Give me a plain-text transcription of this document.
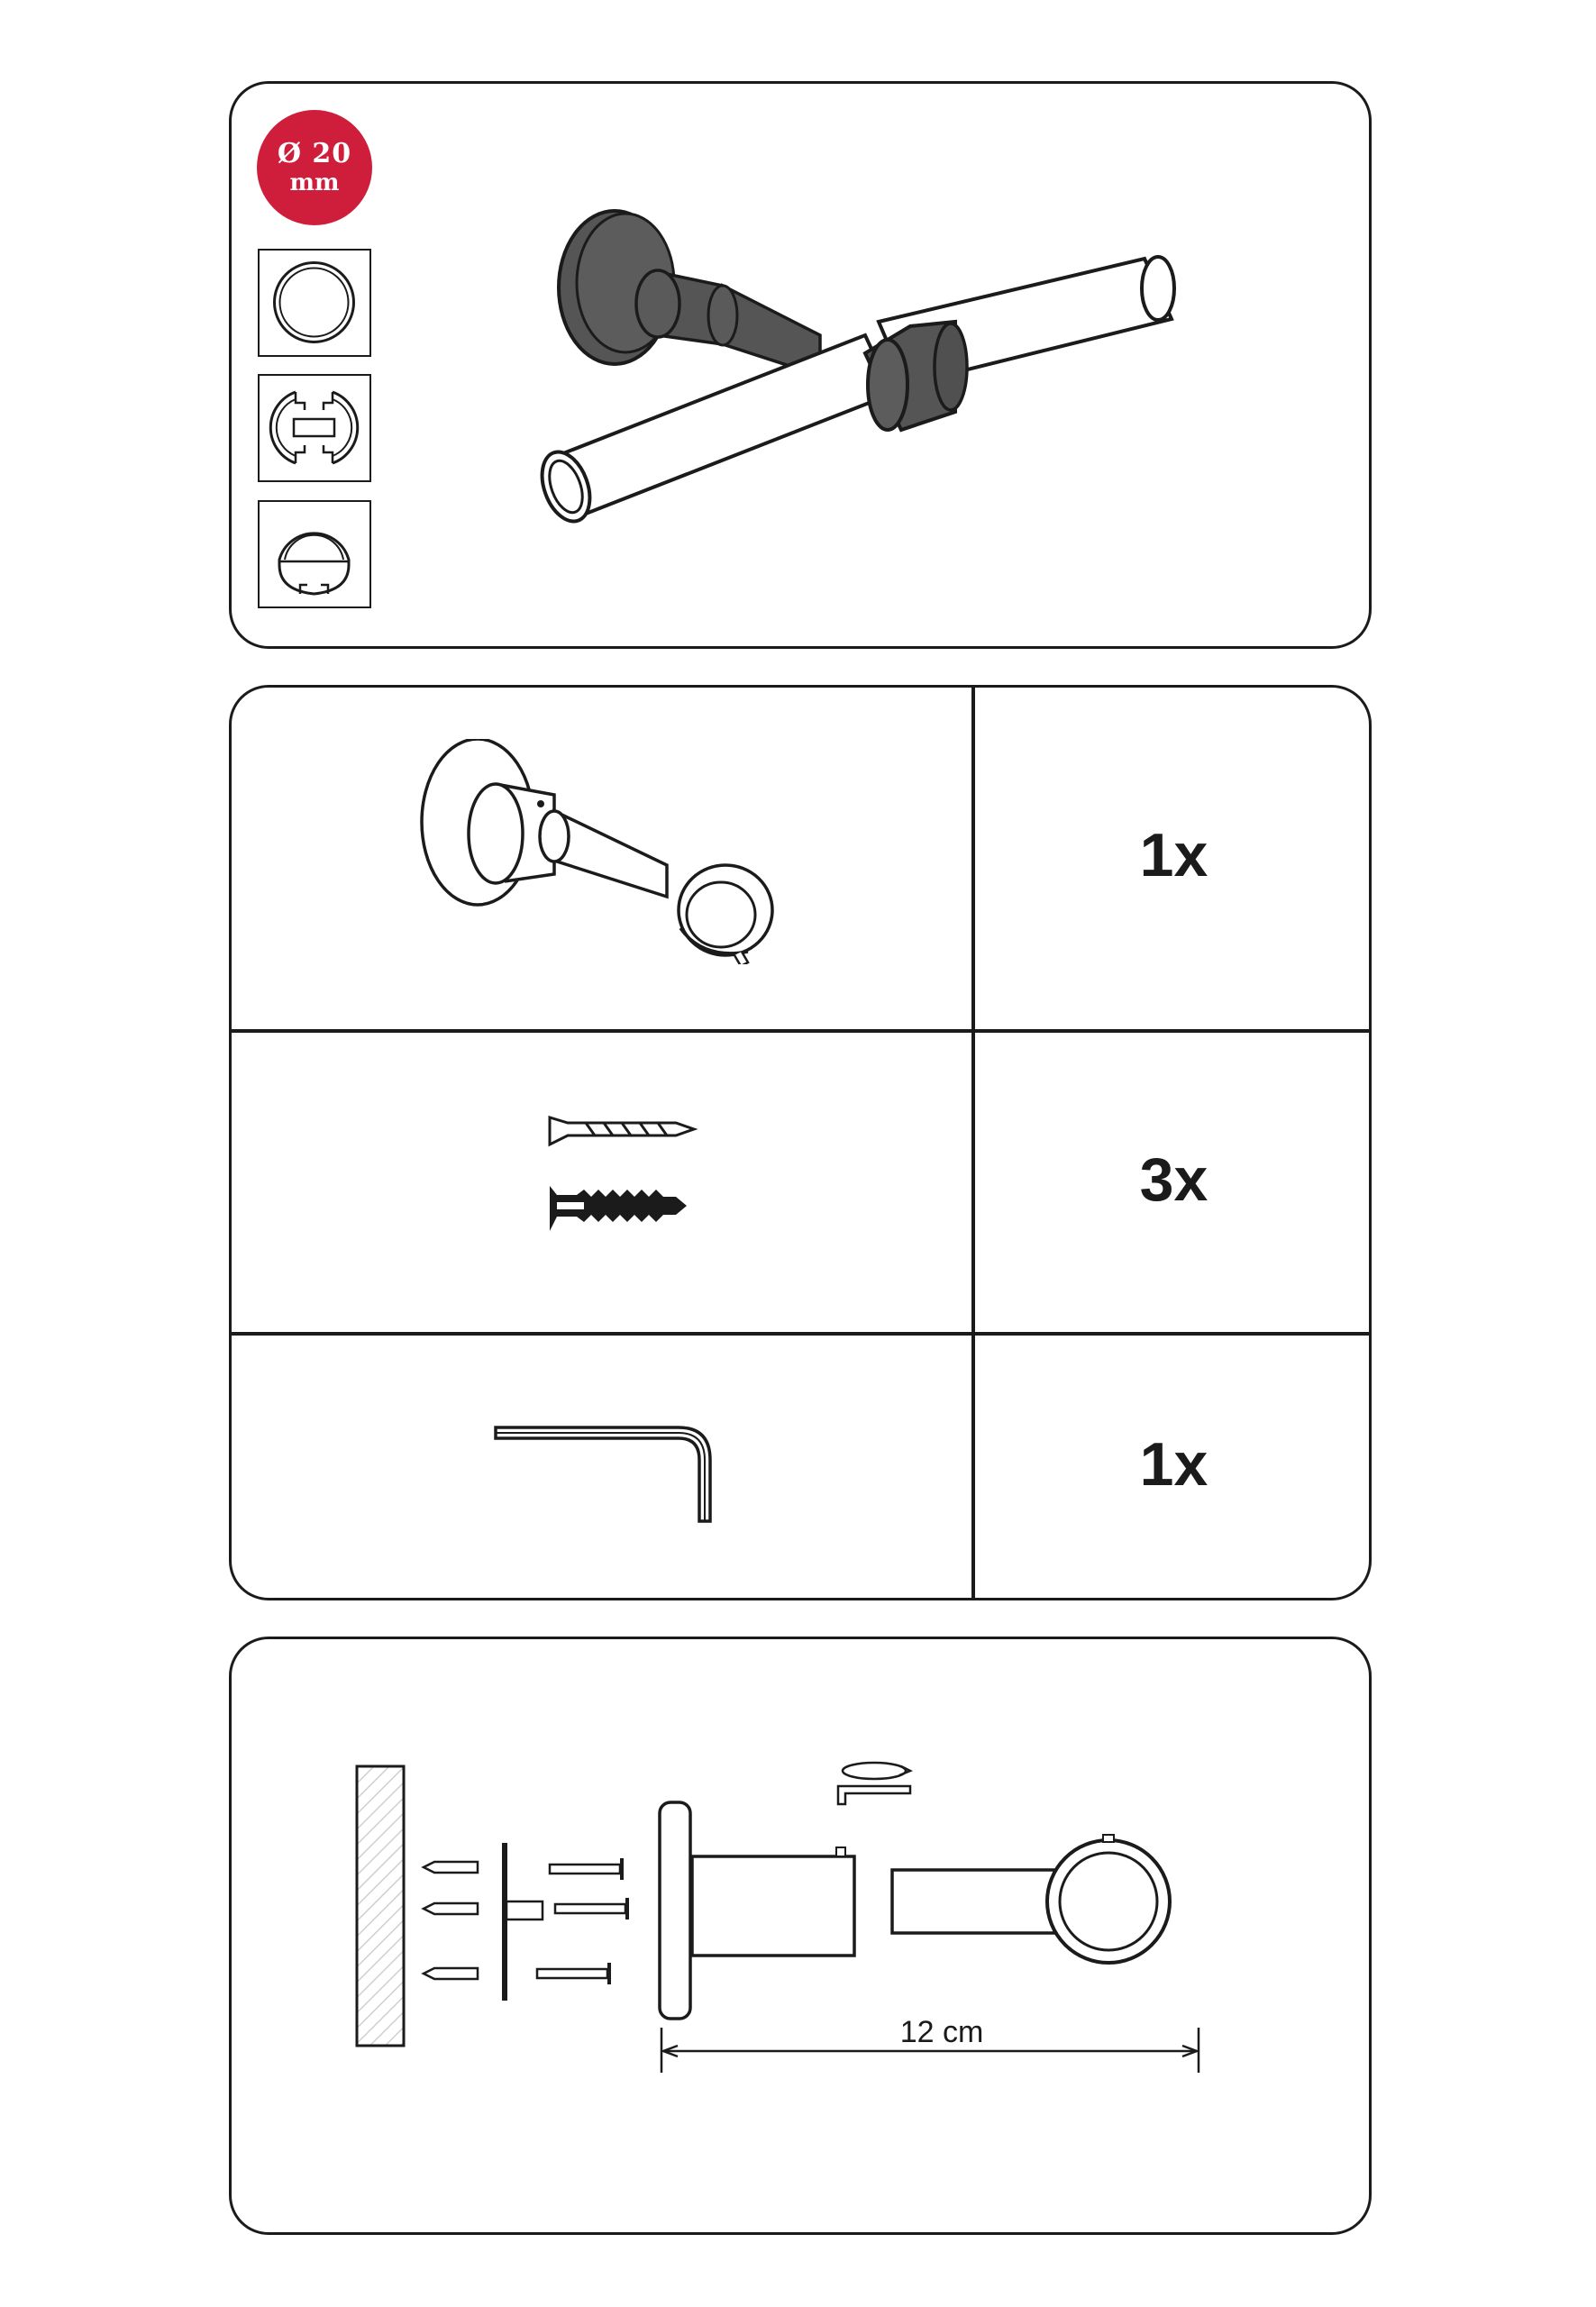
Ø 20
mm
1x
3x
1x
12 cm
